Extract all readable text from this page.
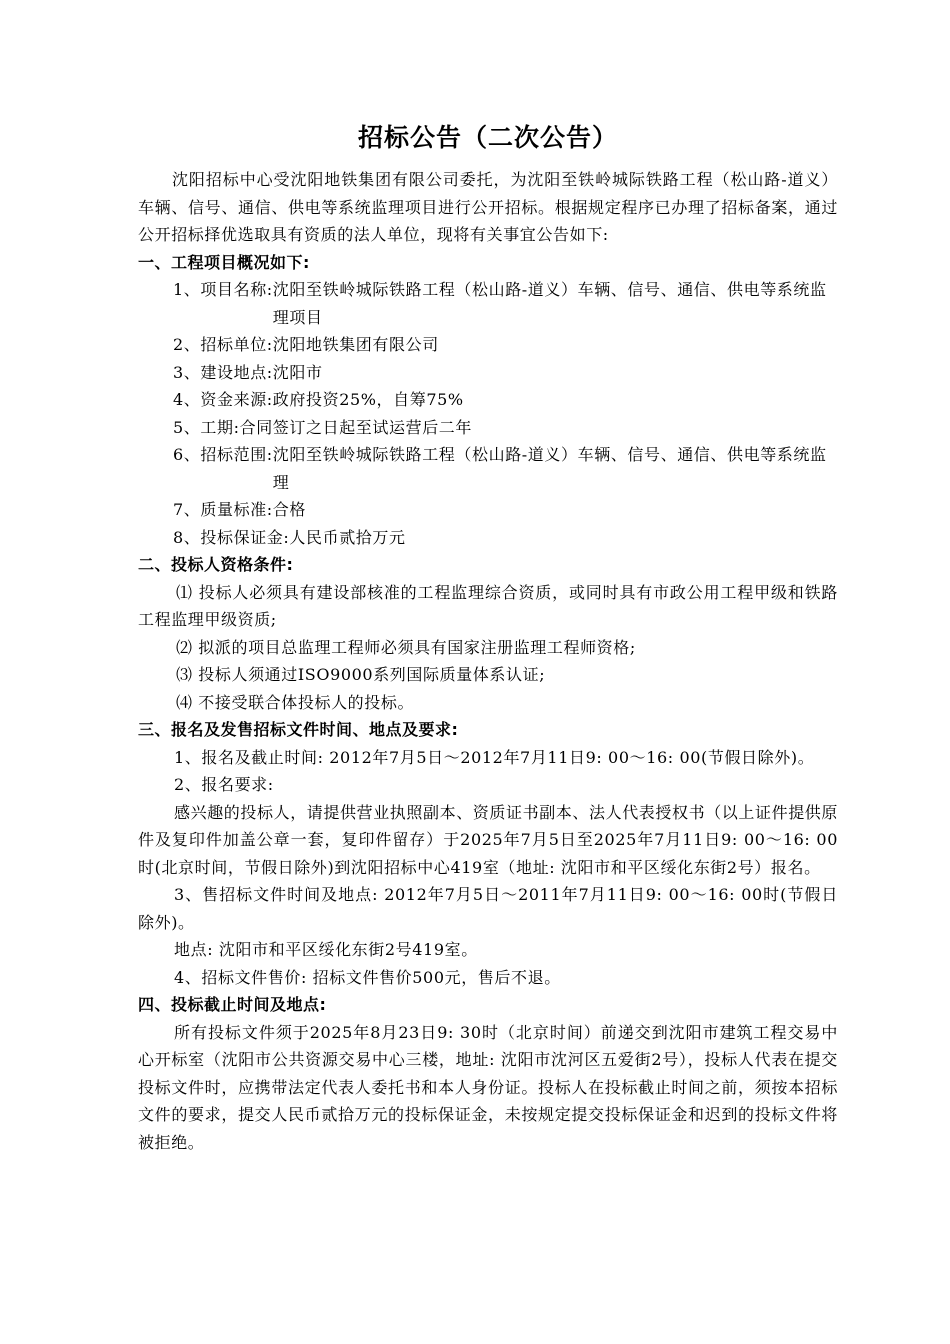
招标公告（二次公告）

沈阳招标中心受沈阳地铁集团有限公司委托，为沈阳至铁岭城际铁路工程（松山路-道义）车辆、信号、通信、供电等系统监理项目进行公开招标。根据规定程序已办理了招标备案，通过公开招标择优选取具有资质的法人单位，现将有关事宜公告如下:

一、工程项目概况如下:

1、 项目名称: 沈阳至铁岭城际铁路工程（松山路-道义）车辆、信号、通信、供电等系统监理项目
2、 招标单位: 沈阳地铁集团有限公司
3、 建设地点: 沈阳市
4、 资金来源: 政府投资25%，自筹75%
5、 工期: 合同签订之日起至试运营后二年
6、 招标范围: 沈阳至铁岭城际铁路工程（松山路-道义）车辆、信号、通信、供电等系统监理
7、 质量标准: 合格
8、 投标保证金: 人民币贰拾万元

二、投标人资格条件:

⑴ 投标人必须具有建设部核准的工程监理综合资质，或同时具有市政公用工程甲级和铁路工程监理甲级资质;

⑵ 拟派的项目总监理工程师必须具有国家注册监理工程师资格;

⑶ 投标人须通过ISO9000系列国际质量体系认证;

⑷ 不接受联合体投标人的投标。

三、报名及发售招标文件时间、地点及要求:

1、报名及截止时间: 2012年7月5日～2012年7月11日9: 00～16: 00(节假日除外)。

2、报名要求:

感兴趣的投标人，请提供营业执照副本、资质证书副本、法人代表授权书（以上证件提供原件及复印件加盖公章一套，复印件留存）于2025年7月5日至2025年7月11日9: 00～16: 00时(北京时间，节假日除外)到沈阳招标中心419室（地址: 沈阳市和平区绥化东街2号）报名。

3、售招标文件时间及地点: 2012年7月5日～2011年7月11日9: 00～16: 00时(节假日除外)。

地点: 沈阳市和平区绥化东街2号419室。

4、招标文件售价: 招标文件售价500元，售后不退。

四、投标截止时间及地点:

所有投标文件须于2025年8月23日9: 30时（北京时间）前递交到沈阳市建筑工程交易中心开标室（沈阳市公共资源交易中心三楼，地址: 沈阳市沈河区五爱街2号），投标人代表在提交投标文件时，应携带法定代表人委托书和本人身份证。投标人在投标截止时间之前，须按本招标文件的要求，提交人民币贰拾万元的投标保证金，未按规定提交投标保证金和迟到的投标文件将被拒绝。
